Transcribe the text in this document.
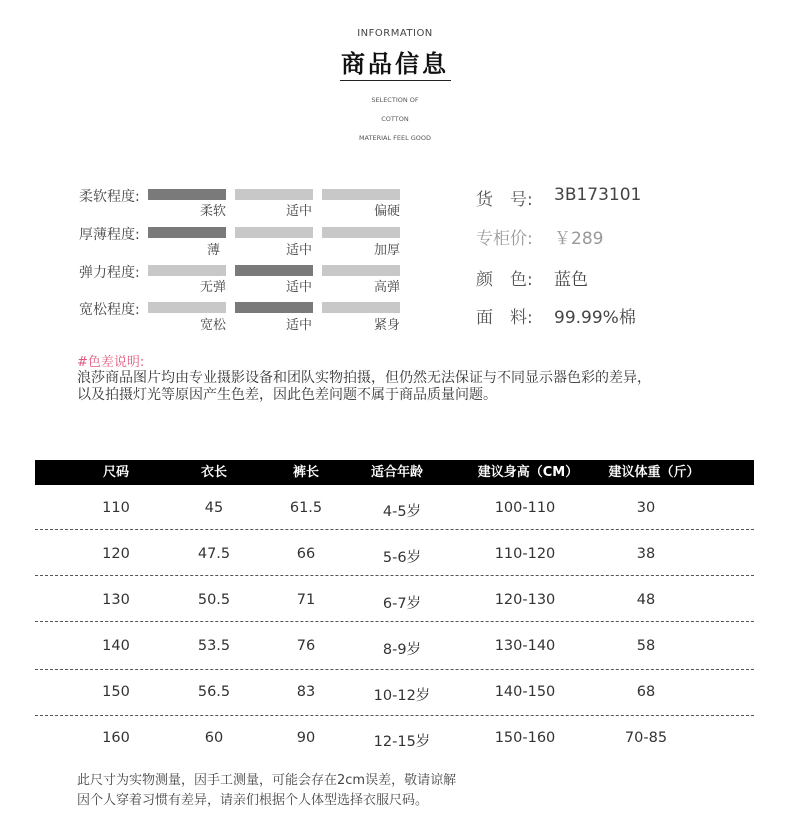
INFORMATION
商品信息
SELECTION OF
COTTON
MATERIAL FEEL GOOD
柔软程度:
柔软	适中	偏硬
厚薄程度:
薄	适中	加厚
弹力程度:
无弹	适中	高弹
宽松程度:
宽松	适中	紧身
货　号: 3B173101
专柜价: ￥289
颜　色: 蓝色
面　料: 99.99%棉
#色差说明:
浪莎商品图片均由专业摄影设备和团队实物拍摄，但仍然无法保证与不同显示器色彩的差异，
以及拍摄灯光等原因产生色差，因此色差问题不属于商品质量问题。
尺码	衣长	裤长	适合年龄	建议身高（CM）	建议体重（斤）
110	45	61.5	4-5岁	100-110	30
120	47.5	66	5-6岁	110-120	38
130	50.5	71	6-7岁	120-130	48
140	53.5	76	8-9岁	130-140	58
150	56.5	83	10-12岁	140-150	68
160	60	90	12-15岁	150-160	70-85
此尺寸为实物测量，因手工测量，可能会存在2cm误差，敬请谅解
因个人穿着习惯有差异，请亲们根据个人体型选择衣服尺码。
